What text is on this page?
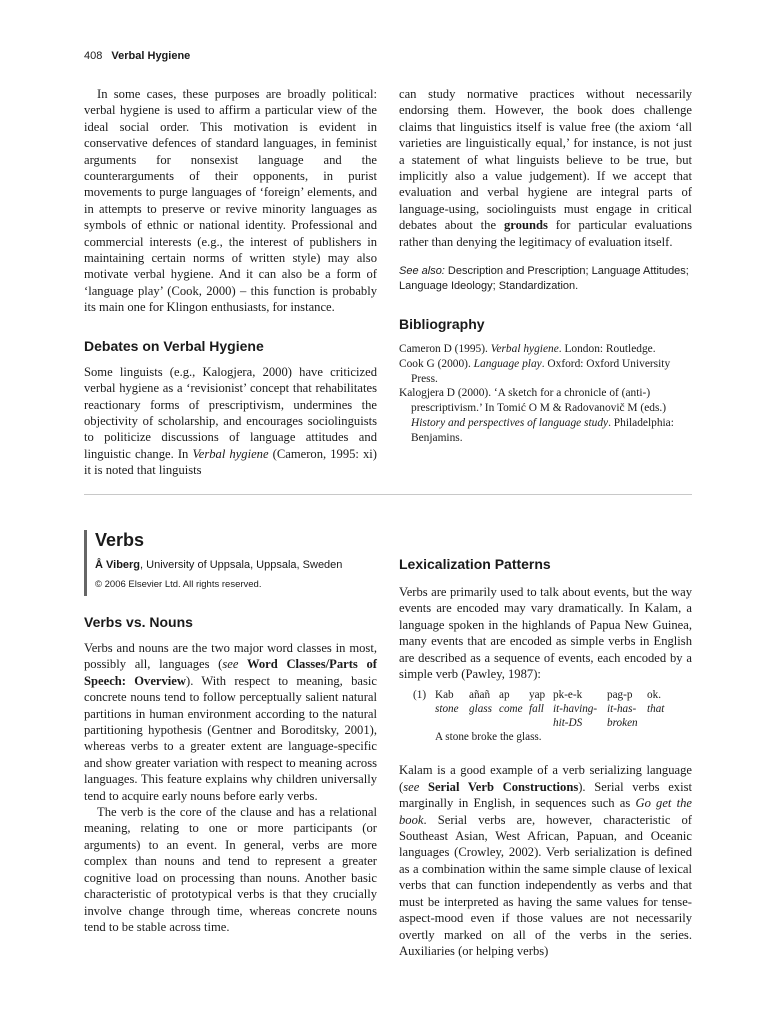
408 Verbal Hygiene

In some cases, these purposes are broadly political: verbal hygiene is used to affirm a particular view of the ideal social order. This motivation is evident in conservative defences of standard languages, in feminist arguments for nonsexist language and the counterarguments of their opponents, in purist movements to purge languages of ‘foreign’ elements, and in attempts to preserve or revive minority languages as symbols of ethnic or national identity. Professional and commercial interests (e.g., the interest of publishers in maintaining certain norms of written style) may also motivate verbal hygiene. And it can also be a form of ‘language play’ (Cook, 2000) – this function is probably its main one for Klingon enthusiasts, for instance.

Debates on Verbal Hygiene

Some linguists (e.g., Kalogjera, 2000) have criticized verbal hygiene as a ‘revisionist’ concept that rehabilitates reactionary forms of prescriptivism, undermines the objectivity of scholarship, and encourages sociolinguists to politicize discussions of language attitudes and linguistic change. In Verbal hygiene (Cameron, 1995: xi) it is noted that linguists

can study normative practices without necessarily endorsing them. However, the book does challenge claims that linguistics itself is value free (the axiom ‘all varieties are linguistically equal,’ for instance, is not just a statement of what linguists believe to be true, but implicitly also a value judgement). If we accept that evaluation and verbal hygiene are integral parts of language-using, sociolinguists must engage in critical debates about the grounds for particular evaluations rather than denying the legitimacy of evaluation itself.

See also: Description and Prescription; Language Attitudes; Language Ideology; Standardization.
Bibliography

Cameron D (1995). Verbal hygiene. London: Routledge.

Cook G (2000). Language play. Oxford: Oxford University Press.

Kalogjera D (2000). ‘A sketch for a chronicle of (anti-) prescriptivism.’ In Tomić O M & Radovanovič M (eds.) History and perspectives of language study. Philadelphia: Benjamins.

Verbs
Å Viberg, University of Uppsala, Uppsala, Sweden
© 2006 Elsevier Ltd. All rights reserved.
Verbs vs. Nouns

Verbs and nouns are the two major word classes in most, possibly all, languages (see Word Classes/Parts of Speech: Overview). With respect to meaning, basic concrete nouns tend to follow perceptually salient natural partitions in human environment according to the natural partitioning hypothesis (Gentner and Boroditsky, 2001), whereas verbs to a greater extent are language-specific and show greater variation with respect to meaning across languages. This feature explains why children universally tend to acquire early nouns before early verbs.

The verb is the core of the clause and has a relational meaning, relating to one or more participants (or arguments) to an event. In general, verbs are more complex than nouns and tend to represent a greater cognitive load on processing than nouns. Another basic characteristic of prototypical verbs is that they crucially involve change through time, whereas concrete nouns tend to be stable across time.

Lexicalization Patterns

Verbs are primarily used to talk about events, but the way events are encoded may vary dramatically. In Kalam, a language spoken in the highlands of Papua New Guinea, many events that are encoded as simple verbs in English are described as a sequence of events, each encoded by a simple verb (Pawley, 1987):

(1) Kab añañ ap yap pk-e-k pag-p ok.
stone glass come fall it-having- it-has- that
hit-DS broken
A stone broke the glass.

Kalam is a good example of a verb serializing language (see Serial Verb Constructions). Serial verbs exist marginally in English, in sequences such as Go get the book. Serial verbs are, however, characteristic of Southeast Asian, West African, Papuan, and Oceanic languages (Crowley, 2002). Verb serialization is defined as a combination within the same simple clause of lexical verbs that can function independently as verbs and that must be interpreted as having the same values for tense-aspect-mood even if those values are not necessarily overtly marked on all of the verbs in the series. Auxiliaries (or helping verbs)
